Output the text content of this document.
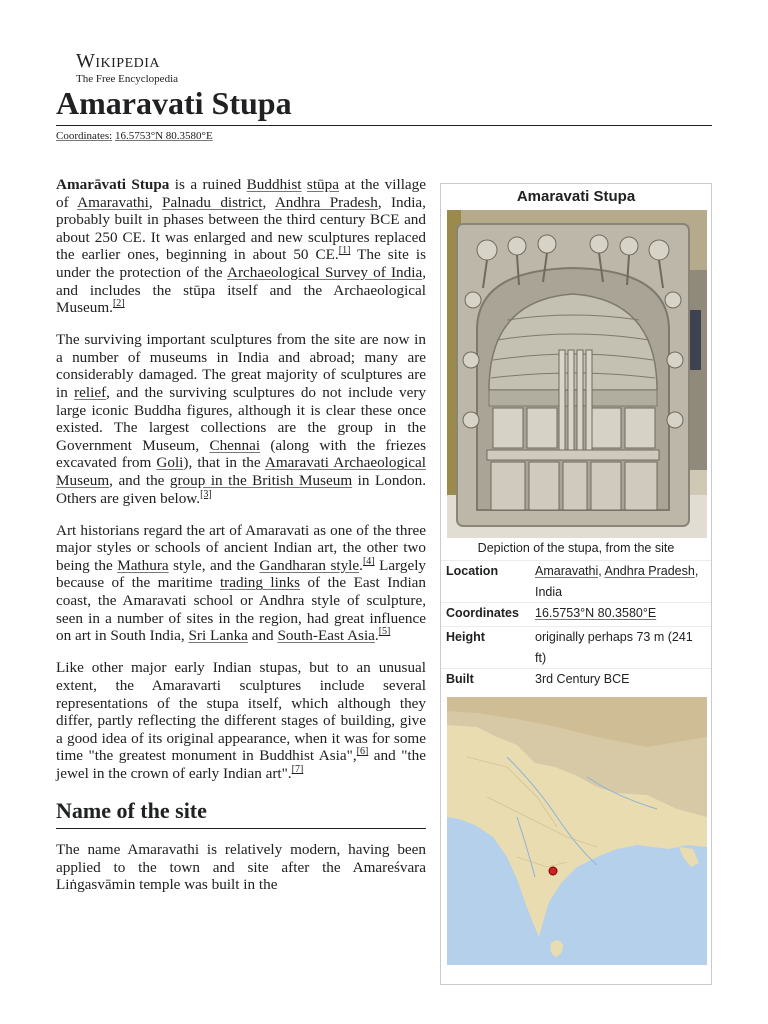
Wikipedia
The Free Encyclopedia
Amaravati Stupa
Coordinates: 16.5753°N 80.3580°E

Amarāvati Stupa is a ruined Buddhist stūpa at the village of Amaravathi, Palnadu district, Andhra Pradesh, India, probably built in phases between the third century BCE and about 250 CE. It was enlarged and new sculptures replaced the earlier ones, beginning in about 50 CE.[1] The site is under the protection of the Archaeological Survey of India, and includes the stūpa itself and the Archaeological Museum.[2]

The surviving important sculptures from the site are now in a number of museums in India and abroad; many are considerably damaged. The great majority of sculptures are in relief, and the surviving sculptures do not include very large iconic Buddha figures, although it is clear these once existed. The largest collections are the group in the Government Museum, Chennai (along with the friezes excavated from Goli), that in the Amaravati Archaeological Museum, and the group in the British Museum in London. Others are given below.[3]

Art historians regard the art of Amaravati as one of the three major styles or schools of ancient Indian art, the other two being the Mathura style, and the Gandharan style.[4] Largely because of the maritime trading links of the East Indian coast, the Amaravati school or Andhra style of sculpture, seen in a number of sites in the region, had great influence on art in South India, Sri Lanka and South-East Asia.[5]

Like other major early Indian stupas, but to an unusual extent, the Amaravarti sculptures include several representations of the stupa itself, which although they differ, partly reflecting the different stages of building, give a good idea of its original appearance, when it was for some time "the greatest monument in Buddhist Asia",[6] and "the jewel in the crown of early Indian art".[7]

Name of the site

The name Amaravathi is relatively modern, having been applied to the town and site after the Amareśvara Liṅgasvāmin temple was built in the

Amaravati Stupa
Depiction of the stupa, from the site
Location	Amaravathi, Andhra Pradesh, India
Coordinates 16.5753°N 80.3580°E
Height	originally perhaps 73 m (241 ft)
Built	3rd Century BCE
